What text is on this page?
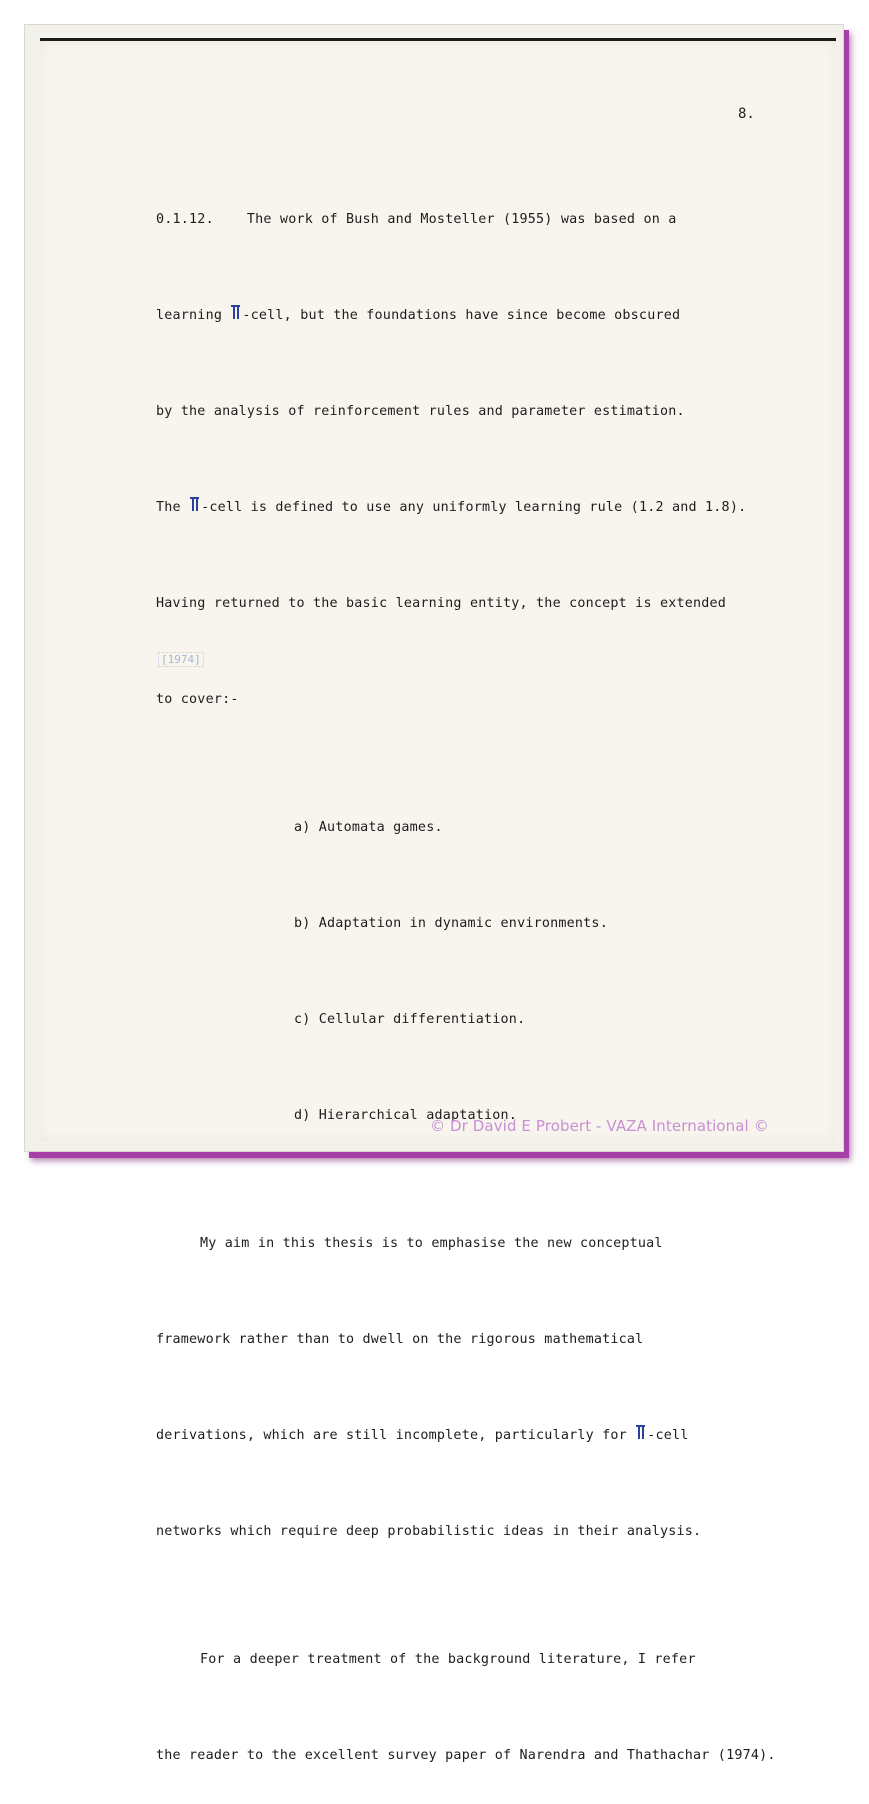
8.

0.1.12.    The work of Bush and Mosteller (1955) was based on a

learning
-cell, but the foundations have since become obscured

by the analysis of reinforcement rules and parameter estimation.

The
-cell is defined to use any uniformly learning rule (1.2 and 1.8).

Having returned to the basic learning entity, the concept is extended

to cover:-

a) Automata games.

b) Adaptation in dynamic environments.

c) Cellular differentiation.

d) Hierarchical adaptation.

My aim in this thesis is to emphasise the new conceptual

framework rather than to dwell on the rigorous mathematical

derivations, which are still incomplete, particularly for
-cell

networks which require deep probabilistic ideas in their analysis.

For a deeper treatment of the background literature, I refer

the reader to the excellent survey paper of Narendra and Thathachar (1974).

[1974]
© Dr David E Probert - VAZA International ©
